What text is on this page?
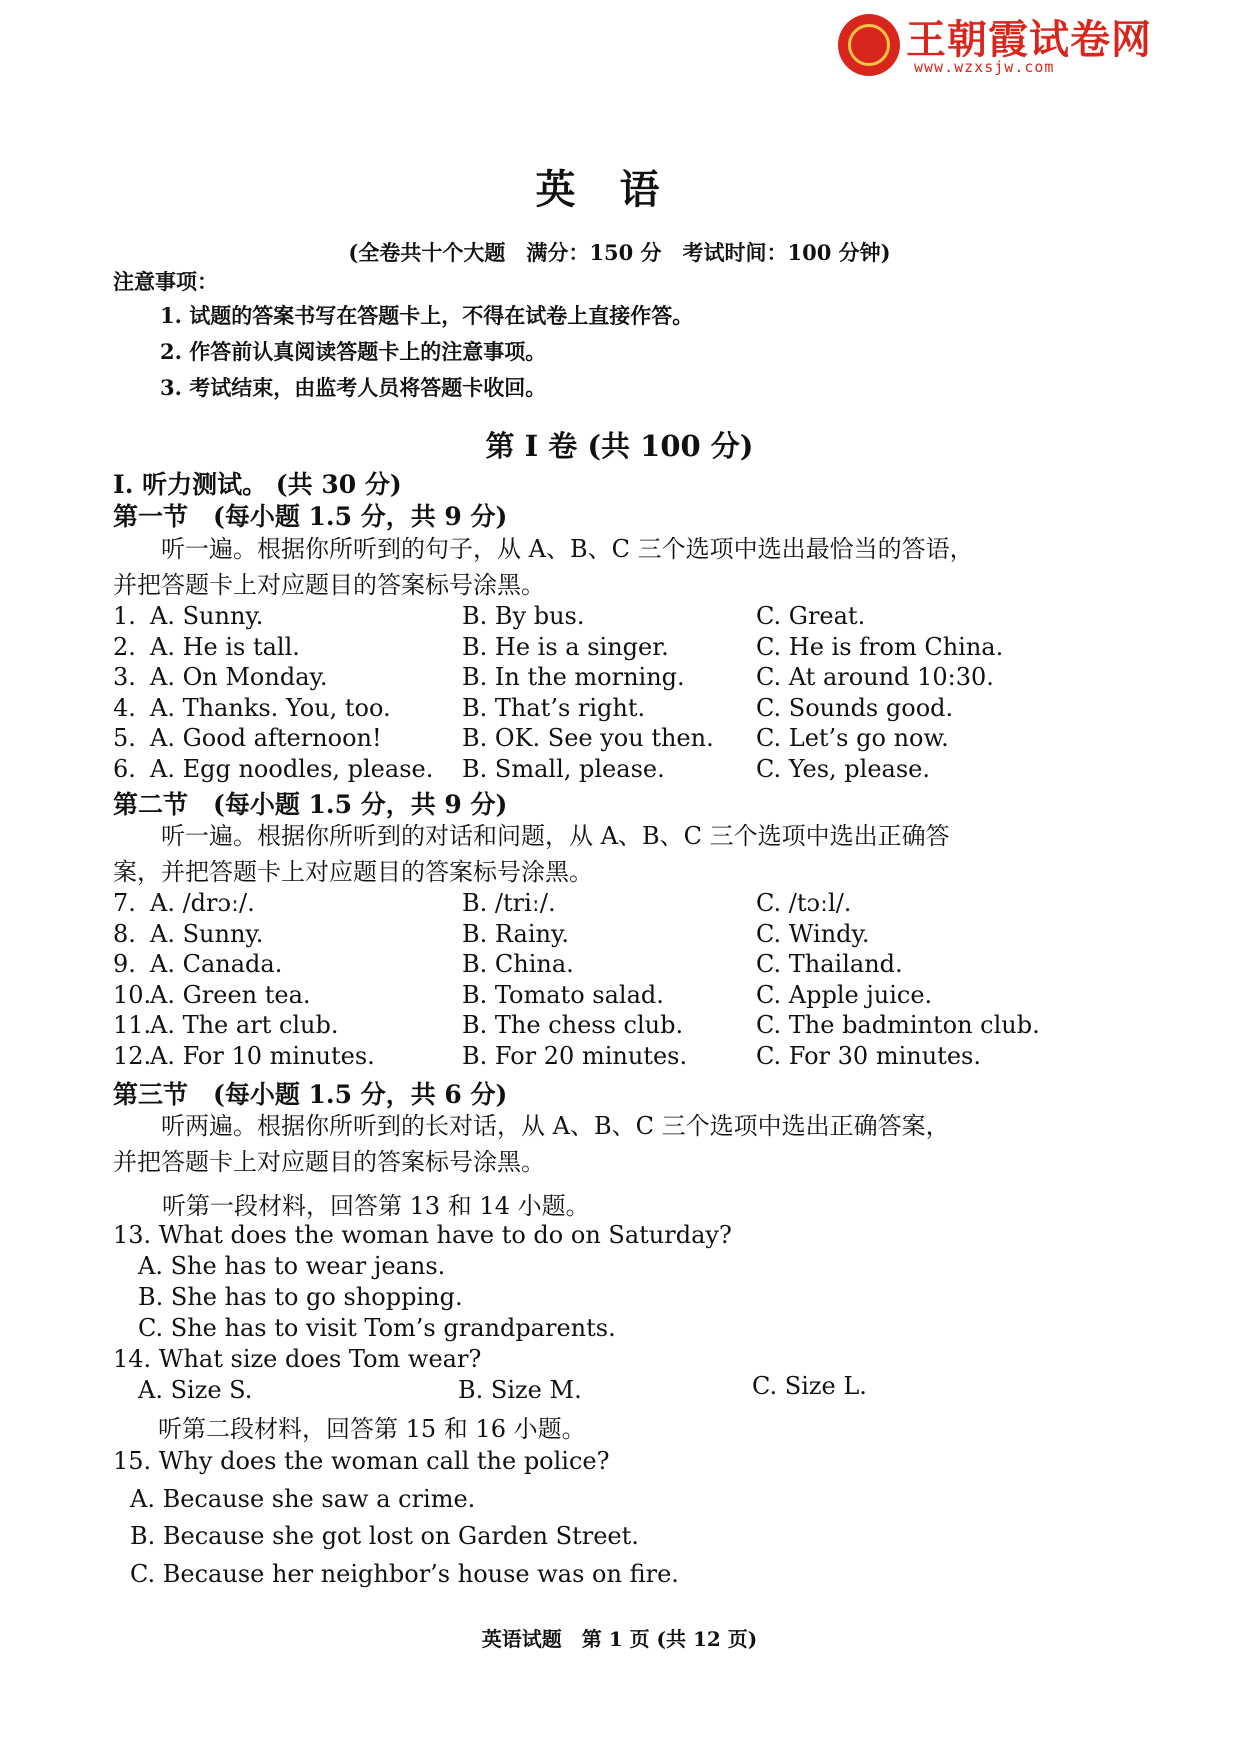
王朝霞试卷网
www.wzxsjw.com
英语
(全卷共十个大题　满分：150 分　考试时间：100 分钟)
注意事项：
1. 试题的答案书写在答题卡上，不得在试卷上直接作答。
2. 作答前认真阅读答题卡上的注意事项。
3. 考试结束，由监考人员将答题卡收回。
第 I 卷 (共 100 分)
I. 听力测试。 (共 30 分)
第一节　(每小题 1.5 分，共 9 分)
听一遍。根据你所听到的句子，从 A、B、C 三个选项中选出最恰当的答语，
并把答题卡上对应题目的答案标号涂黑。
1. A. Sunny.	B. By bus.	C. Great.
2. A. He is tall.	B. He is a singer.	C. He is from China.
3. A. On Monday.	B. In the morning.	C. At around 10:30.
4. A. Thanks. You, too.	B. That’s right.	C. Sounds good.
5. A. Good afternoon!	B. OK. See you then. C. Let’s go now.
6. A. Egg noodles, please. B. Small, please.	C. Yes, please.
第二节　(每小题 1.5 分，共 9 分)
听一遍。根据你所听到的对话和问题，从 A、B、C 三个选项中选出正确答
案，并把答题卡上对应题目的答案标号涂黑。
7. A. /drɔː/.	B. /triː/.	C. /tɔːl/.
8. A. Sunny.	B. Rainy.	C. Windy.
9. A. Canada.	B. China.	C. Thailand.
10.
A. Green tea.	B. Tomato salad.	C. Apple juice.
11.
A. The art club.	B. The chess club.	C. The badminton club.
12.
A. For 10 minutes.	B. For 20 minutes.	C. For 30 minutes.
第三节　(每小题 1.5 分，共 6 分)
听两遍。根据你所听到的长对话，从 A、B、C 三个选项中选出正确答案，
并把答题卡上对应题目的答案标号涂黑。
听第一段材料，回答第 13 和 14 小题。
13. What does the woman have to do on Saturday?
A. She has to wear jeans.
B. She has to go shopping.
C. She has to visit Tom’s grandparents.
14. What size does Tom wear?
A. Size S.	B. Size M.	C. Size L.
听第二段材料，回答第 15 和 16 小题。
15. Why does the woman call the police?
A. Because she saw a crime.
B. Because she got lost on Garden Street.
C. Because her neighbor’s house was on fire.
英语试题　第 1 页 (共 12 页)
